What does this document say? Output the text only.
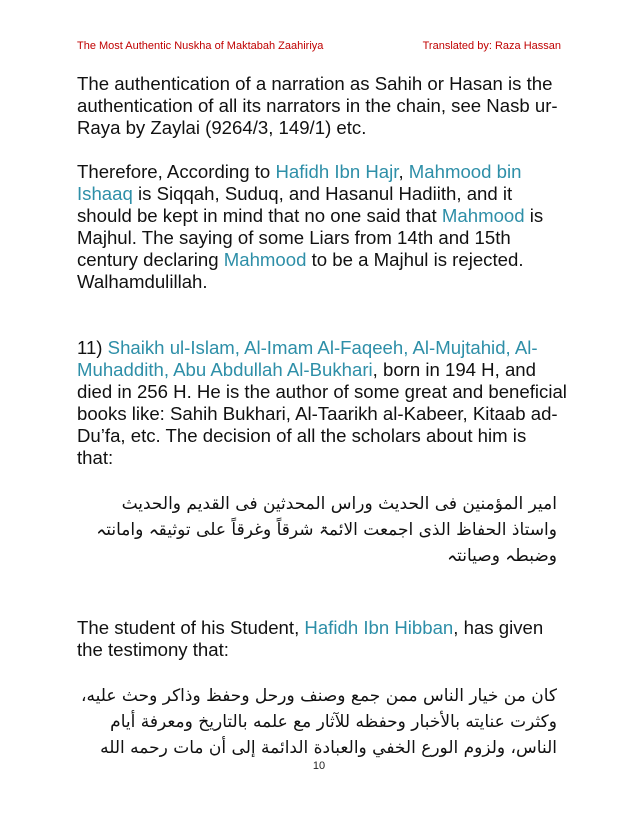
The Most Authentic Nuskha of Maktabah Zaahiriya	Translated by: Raza Hassan

The authentication of a narration as Sahih or Hasan is the authentication of all its narrators in the chain, see Nasb ur-Raya by Zaylai (9264/3, 149/1) etc.

Therefore, According to Hafidh Ibn Hajr, Mahmood bin Ishaaq is Siqqah, Suduq, and Hasanul Hadiith, and it should be kept in mind that no one said that Mahmood is Majhul. The saying of some Liars from 14th and 15th century declaring Mahmood to be a Majhul is rejected. Walhamdulillah.

11) Shaikh ul-Islam, Al-Imam Al-Faqeeh, Al-Mujtahid, Al-Muhaddith, Abu Abdullah Al-Bukhari, born in 194 H, and died in 256 H. He is the author of some great and beneficial books like: Sahih Bukhari, Al-Taarikh al-Kabeer, Kitaab ad-Du’fa, etc. The decision of all the scholars about him is that:

امیر المؤمنین فی الحدیث وراس المحدثین فی القدیم والحدیث واستاذ الحفاظ الذی اجمعت الائمۃ شرقاً وغرقاً علی توثیقہ وامانتہ وضبطہ وصیانتہ

The student of his Student, Hafidh Ibn Hibban, has given the testimony that:

كان من خيار الناس ممن جمع وصنف ورحل وحفظ وذاكر وحث عليه، وكثرت عنايته بالأخبار وحفظه للآثار مع علمه بالتاريخ ومعرفة أيام الناس، ولزوم الورع الخفي والعبادة الدائمة إلى أن مات رحمه الله

10
